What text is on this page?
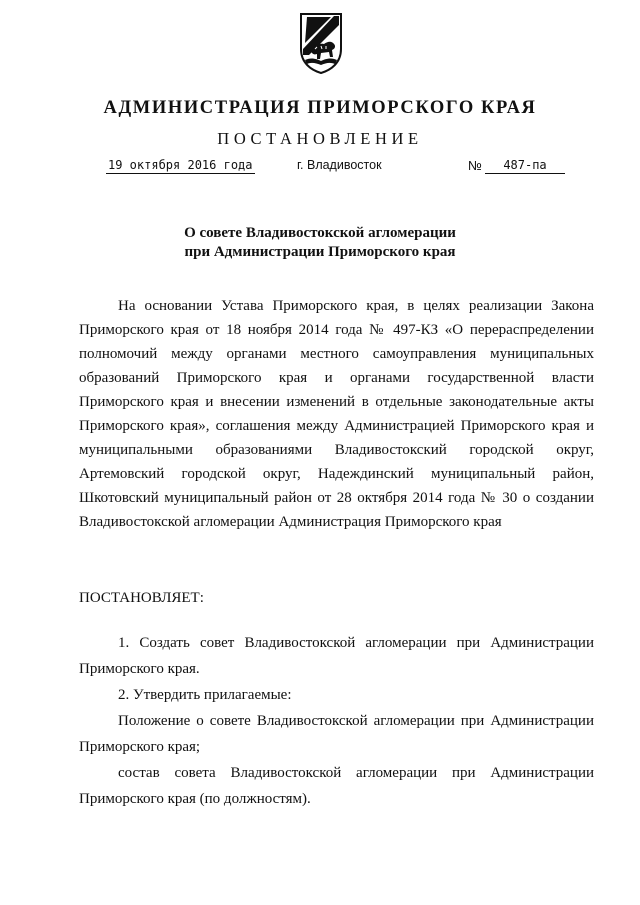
АДМИНИСТРАЦИЯ ПРИМОРСКОГО КРАЯ
ПОСТАНОВЛЕНИЕ
19 октября 2016 года	г. Владивосток	№	487-па
О совете Владивостокской агломерации
при Администрации Приморского края

На основании Устава Приморского края, в целях реализации Закона Приморского края от 18 ноября 2014 года № 497-КЗ «О перераспределении полномочий между органами местного самоуправления муниципальных образований Приморского края и органами государственной власти Приморского края и внесении изменений в отдельные законодательные акты Приморского края», соглашения между Администрацией Приморского края и муниципальными образованиями Владивостокский городской округ, Артемовский городской округ, Надеждинский муниципальный район, Шкотовский муниципальный район от 28 октября 2014 года № 30 о создании Владивостокской агломерации Администрация Приморского края

ПОСТАНОВЛЯЕТ:

1. Создать совет Владивостокской агломерации при Администрации Приморского края.

2. Утвердить прилагаемые:

Положение о совете Владивостокской агломерации при Администрации Приморского края;

состав совета Владивостокской агломерации при Администрации Приморского края (по должностям).
